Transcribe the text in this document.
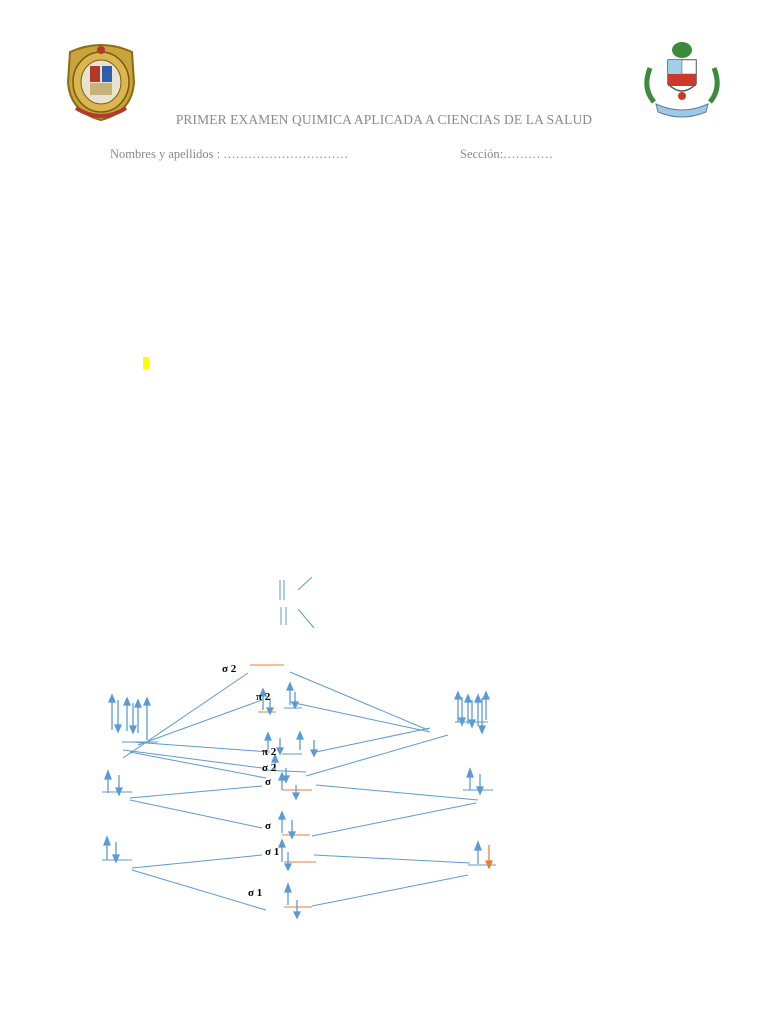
PRIMER EXAMEN QUIMICA APLICADA A CIENCIAS DE LA SALUD
Nombres y apellidos : …………………………	Sección:…………
σ 2
π 2
π 2
σ 2
σ
σ
σ 1
σ 1
